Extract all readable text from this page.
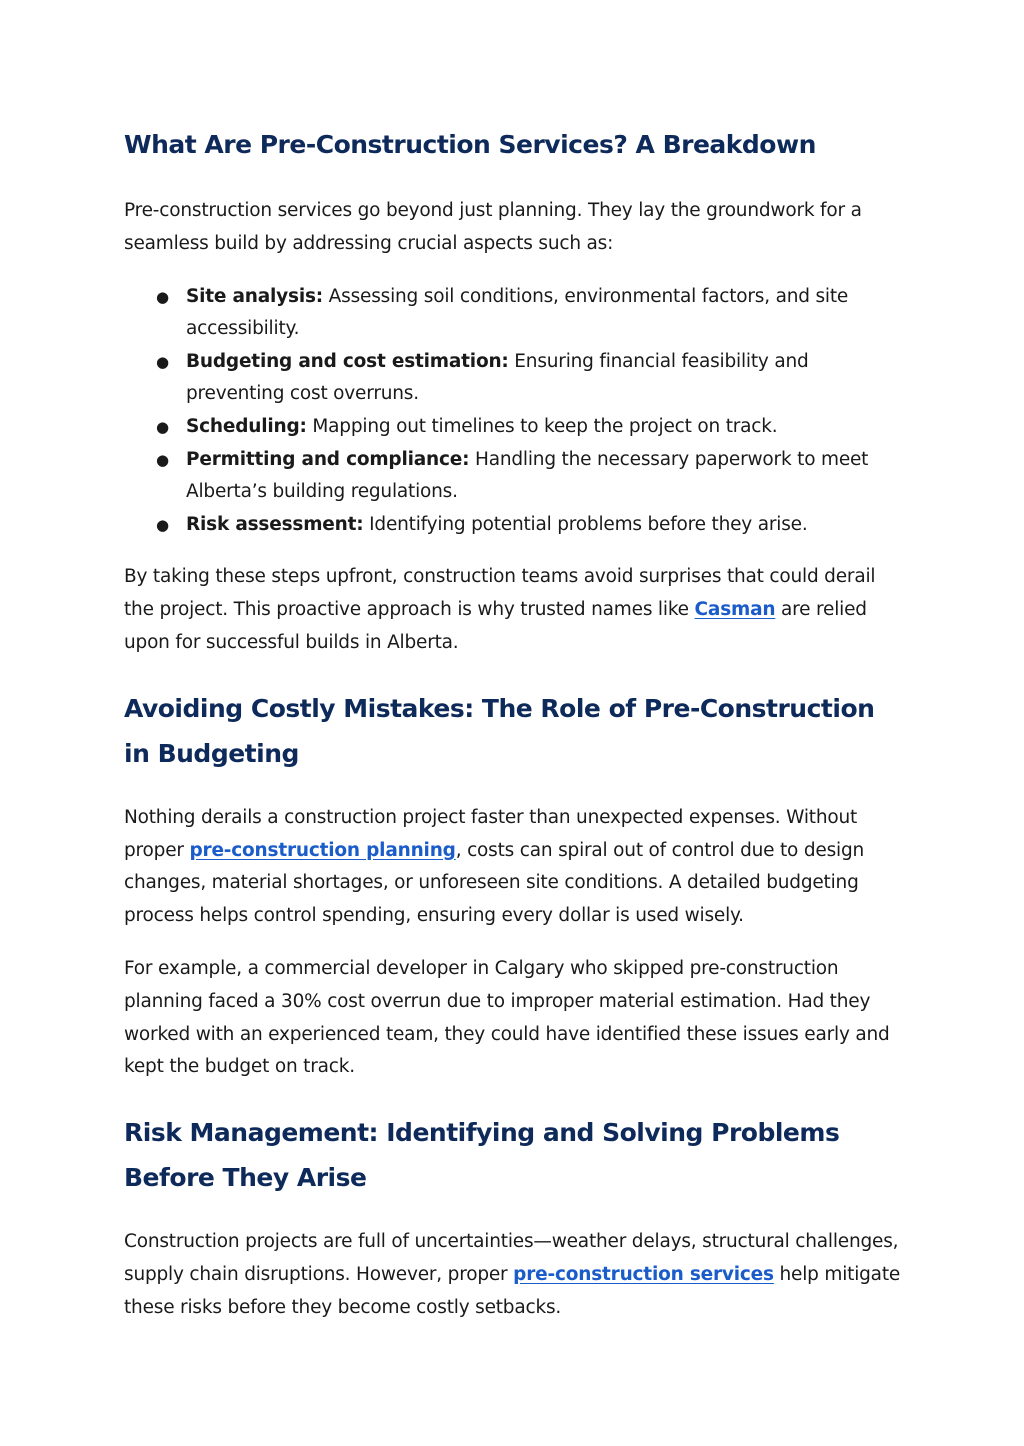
What Are Pre-Construction Services? A Breakdown

Pre-construction services go beyond just planning. They lay the groundwork for a seamless build by addressing crucial aspects such as:

● Site analysis: Assessing soil conditions, environmental factors, and site accessibility.
● Budgeting and cost estimation: Ensuring financial feasibility and preventing cost overruns.
● Scheduling: Mapping out timelines to keep the project on track.
● Permitting and compliance: Handling the necessary paperwork to meet Alberta’s building regulations.
● Risk assessment: Identifying potential problems before they arise.

By taking these steps upfront, construction teams avoid surprises that could derail the project. This proactive approach is why trusted names like Casman are relied upon for successful builds in Alberta.

Avoiding Costly Mistakes: The Role of Pre-Construction in Budgeting

Nothing derails a construction project faster than unexpected expenses. Without proper pre-construction planning, costs can spiral out of control due to design changes, material shortages, or unforeseen site conditions. A detailed budgeting process helps control spending, ensuring every dollar is used wisely.

For example, a commercial developer in Calgary who skipped pre-construction planning faced a 30% cost overrun due to improper material estimation. Had they worked with an experienced team, they could have identified these issues early and kept the budget on track.

Risk Management: Identifying and Solving Problems Before They Arise

Construction projects are full of uncertainties—weather delays, structural challenges, supply chain disruptions. However, proper pre-construction services help mitigate these risks before they become costly setbacks.
